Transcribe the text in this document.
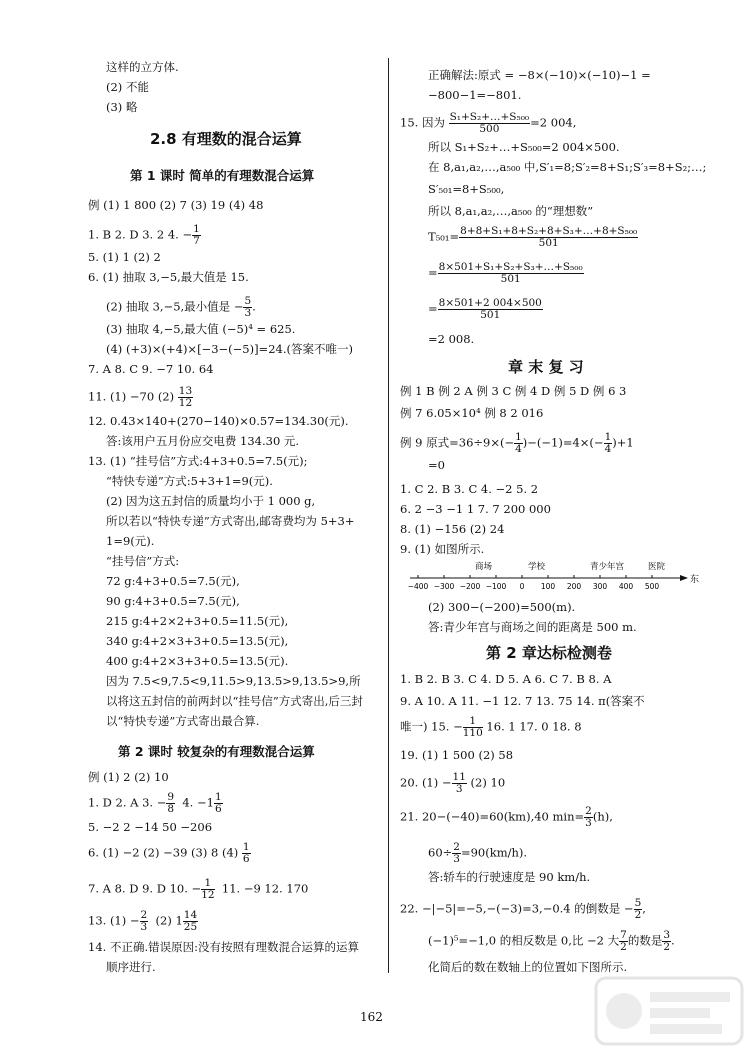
这样的立方体.
(2) 不能
(3) 略
2.8 有理数的混合运算
第 1 课时 简单的有理数混合运算
例 (1) 1 800 (2) 7 (3) 19 (4) 48
1. B 2. D 3. 2 4. − $\frac{1}{7}$
5. (1) 1 (2) 2
6. (1) 抽取 3,−5,最大值是 15.
(2) 抽取 3,−5,最小值是 − $\frac{5}{3}$ .
(3) 抽取 4,−5,最大值 (−5)⁴ = 625.
(4) (+3)×(+4)×[−3−(−5)]=24.(答案不唯一)
7. A 8. C 9. −7 10. 64
11. (1) −70 $(2) \frac{13}{12}$
12. 0.43×140+(270−140)×0.57=134.30(元).
答:该用户五月份应交电费 134.30 元.
13. (1) “挂号信”方式:4+3+0.5=7.5(元);
“特快专递”方式:5+3+1=9(元).
(2) 因为这五封信的质量均小于 1 000 g,
所以若以“特快专递”方式寄出,邮寄费均为 5+3+
1=9(元).
“挂号信”方式:
72 g:4+3+0.5=7.5(元),
90 g:4+3+0.5=7.5(元),
215 g:4+2×2+3+0.5=11.5(元),
340 g:4+2×3+3+0.5=13.5(元),
400 g:4+2×3+3+0.5=13.5(元).
因为 7.5<9,7.5<9,11.5>9,13.5>9,13.5>9,所
以将这五封信的前两封以“挂号信”方式寄出,后三封
以“特快专递”方式寄出最合算.
第 2 课时 较复杂的有理数混合运算
例 (1) 2 (2) 10
1. D 2. A 3. − $\frac{9}{8} 4$. $-1 \frac{1}{6}$
5. −2 2 −14 50 −206
6. (1) −2 (2) −39 (3) 8 $(4) \frac{1}{6}$
7. A 8. D 9. D 10. − $\frac{1}{12} 11$. −9 12. 170
13. $(1) - \frac{2}{3} (2)$ $1 \frac{14}{25}$
14. 不正确.错误原因:没有按照有理数混合运算的运算
顺序进行.
正确解法:原式 = −8×(−10)×(−10)−1 =
−800−1=−801.
15. 因为 $\frac{\text{S₁+S₂+…+S₅₀₀}}{500} =2$ 004,
所以 S₁+S₂+…+S₅₀₀=2 004×500.
在 8,a₁,a₂,…,a₅₀₀ 中,S′₁=8;S′₂=8+S₁;S′₃=8+S₂;…;
S′₅₀₁=8+S₅₀₀,
所以 8,a₁,a₂,…,a₅₀₀ 的“理想数”
$T_{501}= \frac{\text{8+8+S₁+8+S₂+8+S₃+…+8+S₅₀₀}}{501}$
= $\frac{\text{8×501+S₁+S₂+S₃+…+S₅₀₀}}{501}$
= $\frac{8\times 501+2 004\times 500}{501}$
=2 008.
章 末 复 习
例 1 B 例 2 A 例 3 C 例 4 D 例 5 D 例 6 3
例 7 6.05×10⁴ 例 8 2 016
例 9 原式$=36\div 9\times(- \frac{1}{4} )-(-1)=4\times(- \frac{1}{4} )+1$
=0
1. C 2. B 3. C 4. −2 5. 2
6. 2 −3 −1 1 7. 7 200 000
8. (1) −156 (2) 24
9. (1) 如图所示.
−400 −300 −200 −100 0 100 200 300 400 500
商场	学校	青少年宫	医院
东
(2) 300−(−200)=500(m).
答:青少年宫与商场之间的距离是 500 m.
第 2 章达标检测卷
1. B 2. B 3. C 4. D 5. A 6. C 7. B 8. A
9. A 10. A 11. −1 12. 7 13. 75 14. π(答案不
唯一) 15. − $\frac{1}{110} 16$. 1 17. 0 18. 8
19. (1) 1 500 (2) 58
20. $(1) - \frac{11}{3} (2)$ 10
21. 20−(−40)=60(km),40 $\min= \frac{2}{3} (h)$,
$60\div \frac{2}{3} =90(km/h)$.
答:轿车的行驶速度是 90 km/h.
22. −|−5|=−5,−(−3)=3,−0.4 的倒数是 − $\frac{5}{2}$ ,
(−1)⁵=−1,0 的相反数是 0,比 −2 大 $\frac{7}{2}$ 的数是 $\frac{3}{2}$ .
化简后的数在数轴上的位置如下图所示.
162
